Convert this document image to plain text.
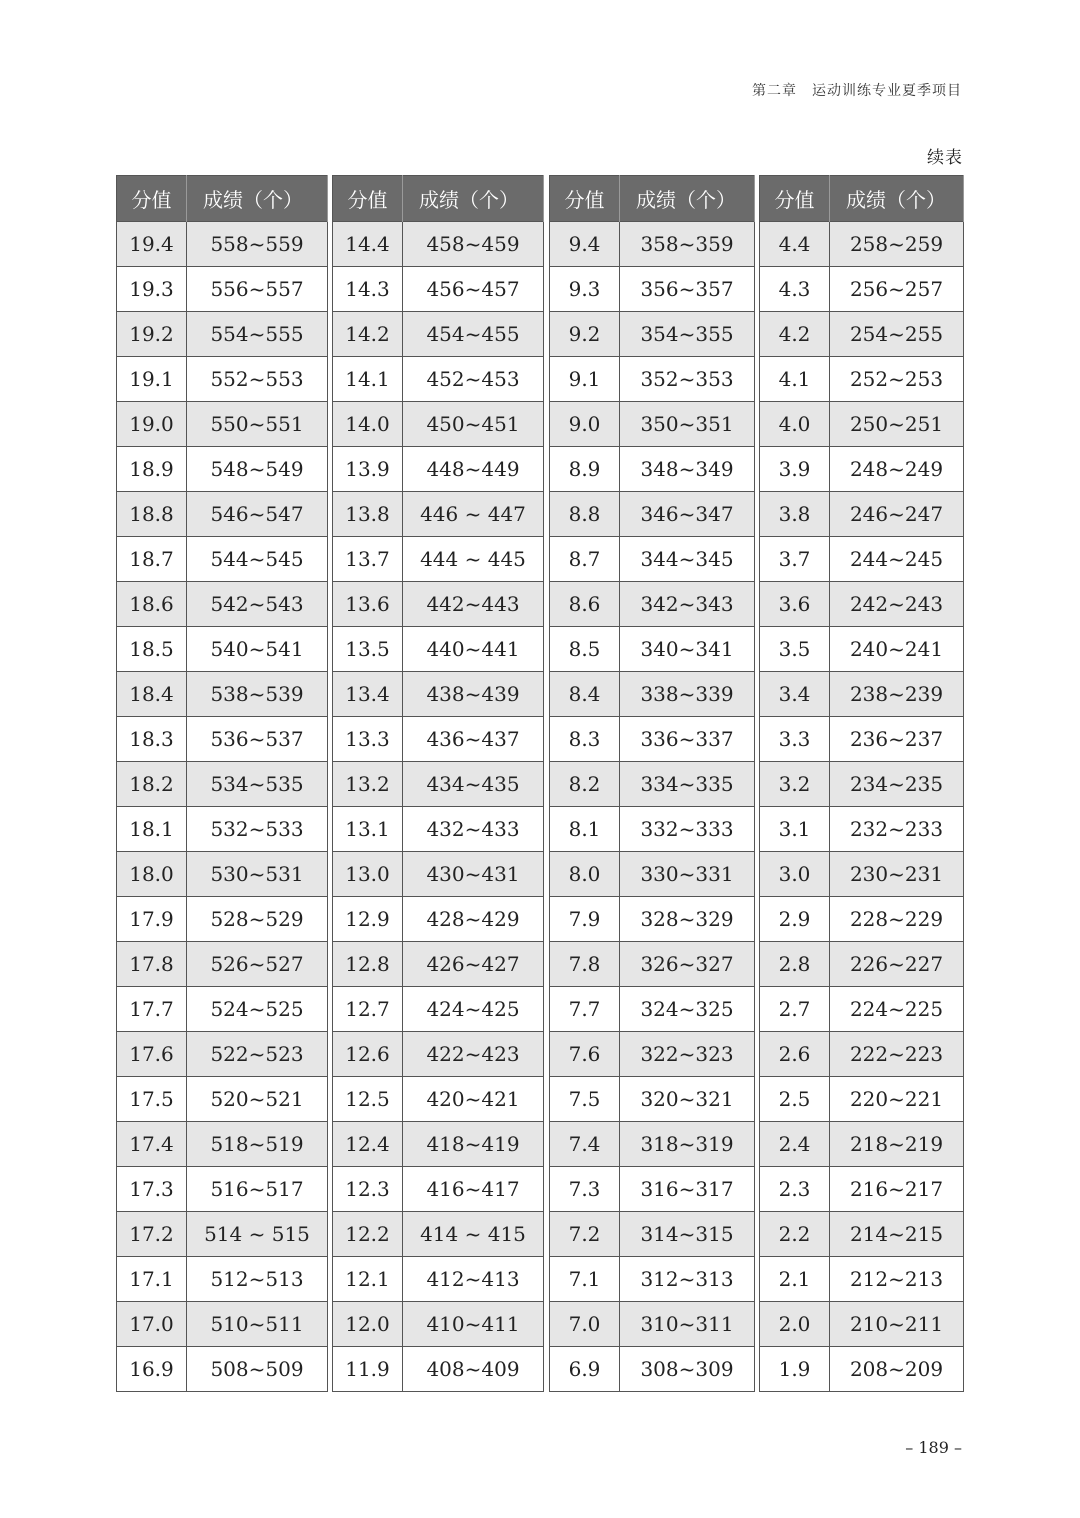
第二章　运动训练专业夏季项目
续表
分值	成绩（个）
19.4	558~559
19.3	556~557
19.2	554~555
19.1	552~553
19.0	550~551
18.9	548~549
18.8	546~547
18.7	544~545
18.6	542~543
18.5	540~541
18.4	538~539
18.3	536~537
18.2	534~535
18.1	532~533
18.0	530~531
17.9	528~529
17.8	526~527
17.7	524~525
17.6	522~523
17.5	520~521
17.4	518~519
17.3	516~517
17.2	514 ~ 515
17.1	512~513
17.0	510~511
16.9	508~509
分值	成绩（个）
14.4	458~459
14.3	456~457
14.2	454~455
14.1	452~453
14.0	450~451
13.9	448~449
13.8	446 ~ 447
13.7	444 ~ 445
13.6	442~443
13.5	440~441
13.4	438~439
13.3	436~437
13.2	434~435
13.1	432~433
13.0	430~431
12.9	428~429
12.8	426~427
12.7	424~425
12.6	422~423
12.5	420~421
12.4	418~419
12.3	416~417
12.2	414 ~ 415
12.1	412~413
12.0	410~411
11.9	408~409
分值	成绩（个）
9.4	358~359
9.3	356~357
9.2	354~355
9.1	352~353
9.0	350~351
8.9	348~349
8.8	346~347
8.7	344~345
8.6	342~343
8.5	340~341
8.4	338~339
8.3	336~337
8.2	334~335
8.1	332~333
8.0	330~331
7.9	328~329
7.8	326~327
7.7	324~325
7.6	322~323
7.5	320~321
7.4	318~319
7.3	316~317
7.2	314~315
7.1	312~313
7.0	310~311
6.9	308~309
分值	成绩（个）
4.4	258~259
4.3	256~257
4.2	254~255
4.1	252~253
4.0	250~251
3.9	248~249
3.8	246~247
3.7	244~245
3.6	242~243
3.5	240~241
3.4	238~239
3.3	236~237
3.2	234~235
3.1	232~233
3.0	230~231
2.9	228~229
2.8	226~227
2.7	224~225
2.6	222~223
2.5	220~221
2.4	218~219
2.3	216~217
2.2	214~215
2.1	212~213
2.0	210~211
1.9	208~209
– 189 –
